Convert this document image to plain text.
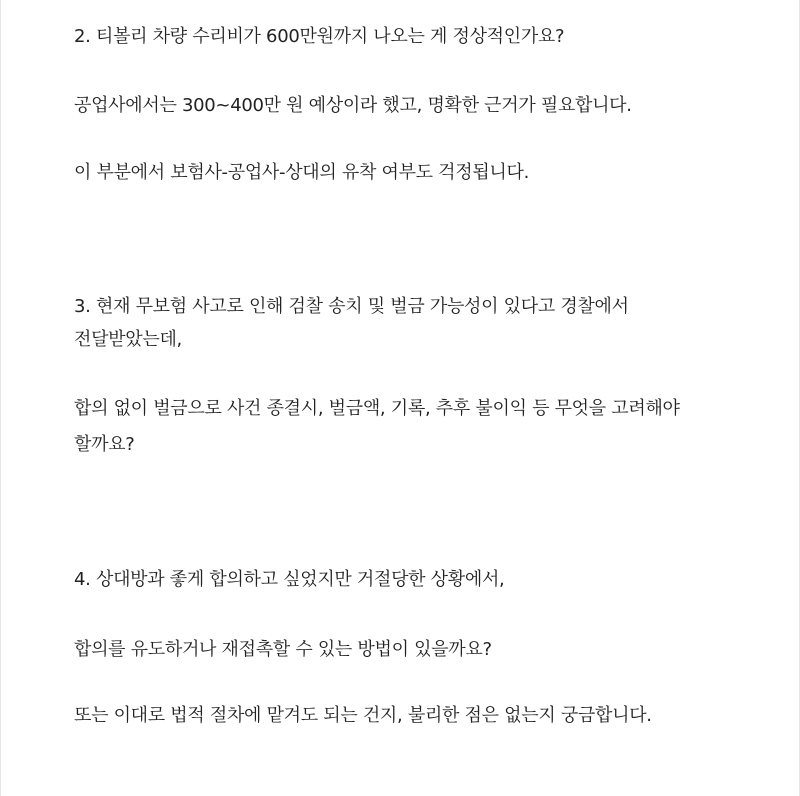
2. 티볼리 차량 수리비가 600만원까지 나오는 게 정상적인가요?
공업사에서는 300~400만 원 예상이라 했고, 명확한 근거가 필요합니다.
이 부분에서 보험사-공업사-상대의 유착 여부도 걱정됩니다.
3. 현재 무보험 사고로 인해 검찰 송치 및 벌금 가능성이 있다고 경찰에서
전달받았는데,
합의 없이 벌금으로 사건 종결시, 벌금액, 기록, 추후 불이익 등 무엇을 고려해야
할까요?
4. 상대방과 좋게 합의하고 싶었지만 거절당한 상황에서,
합의를 유도하거나 재접촉할 수 있는 방법이 있을까요?
또는 이대로 법적 절차에 맡겨도 되는 건지, 불리한 점은 없는지 궁금합니다.
